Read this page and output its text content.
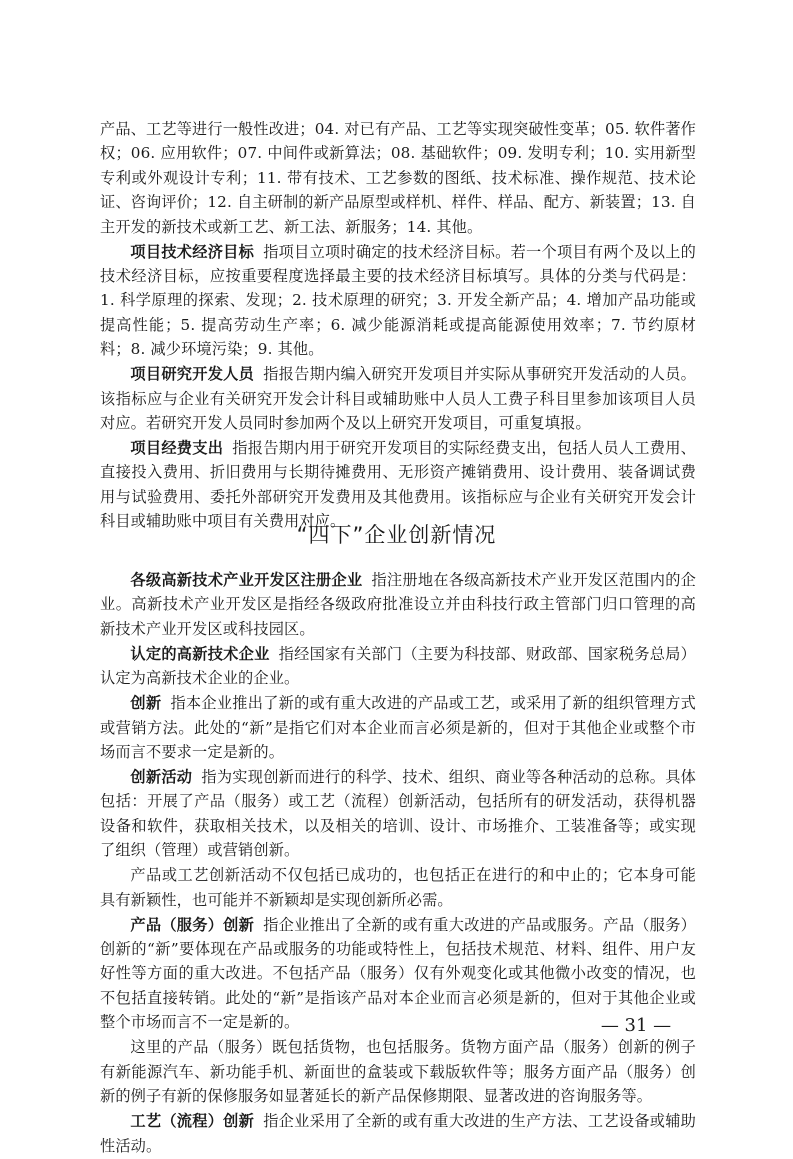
产品、工艺等进行一般性改进；04. 对已有产品、工艺等实现突破性变革；05. 软件著作权；06. 应用软件；07. 中间件或新算法；08. 基础软件；09. 发明专利；10. 实用新型专利或外观设计专利；11. 带有技术、工艺参数的图纸、技术标准、操作规范、技术论证、咨询评价；12. 自主研制的新产品原型或样机、样件、样品、配方、新装置；13. 自主开发的新技术或新工艺、新工法、新服务；14. 其他。

项目技术经济目标 指项目立项时确定的技术经济目标。若一个项目有两个及以上的技术经济目标，应按重要程度选择最主要的技术经济目标填写。具体的分类与代码是：1. 科学原理的探索、发现；2. 技术原理的研究；3. 开发全新产品；4. 增加产品功能或提高性能；5. 提高劳动生产率；6. 减少能源消耗或提高能源使用效率；7. 节约原材料；8. 减少环境污染；9. 其他。

项目研究开发人员 指报告期内编入研究开发项目并实际从事研究开发活动的人员。该指标应与企业有关研究开发会计科目或辅助账中人员人工费子科目里参加该项目人员对应。若研究开发人员同时参加两个及以上研究开发项目，可重复填报。

项目经费支出 指报告期内用于研究开发项目的实际经费支出，包括人员人工费用、直接投入费用、折旧费用与长期待摊费用、无形资产摊销费用、设计费用、装备调试费用与试验费用、委托外部研究开发费用及其他费用。该指标应与企业有关研究开发会计科目或辅助账中项目有关费用对应。

“四下”企业创新情况

各级高新技术产业开发区注册企业 指注册地在各级高新技术产业开发区范围内的企业。高新技术产业开发区是指经各级政府批准设立并由科技行政主管部门归口管理的高新技术产业开发区或科技园区。

认定的高新技术企业 指经国家有关部门（主要为科技部、财政部、国家税务总局）认定为高新技术企业的企业。

创新 指本企业推出了新的或有重大改进的产品或工艺，或采用了新的组织管理方式或营销方法。此处的“新”是指它们对本企业而言必须是新的，但对于其他企业或整个市场而言不要求一定是新的。

创新活动 指为实现创新而进行的科学、技术、组织、商业等各种活动的总称。具体包括：开展了产品（服务）或工艺（流程）创新活动，包括所有的研发活动，获得机器设备和软件，获取相关技术，以及相关的培训、设计、市场推介、工装准备等；或实现了组织（管理）或营销创新。

产品或工艺创新活动不仅包括已成功的，也包括正在进行的和中止的；它本身可能具有新颖性，也可能并不新颖却是实现创新所必需。

产品（服务）创新 指企业推出了全新的或有重大改进的产品或服务。产品（服务）创新的“新”要体现在产品或服务的功能或特性上，包括技术规范、材料、组件、用户友好性等方面的重大改进。不包括产品（服务）仅有外观变化或其他微小改变的情况，也不包括直接转销。此处的“新”是指该产品对本企业而言必须是新的，但对于其他企业或整个市场而言不一定是新的。

这里的产品（服务）既包括货物，也包括服务。货物方面产品（服务）创新的例子有新能源汽车、新功能手机、新面世的盒装或下载版软件等；服务方面产品（服务）创新的例子有新的保修服务如显著延长的新产品保修期限、显著改进的咨询服务等。

工艺（流程）创新 指企业采用了全新的或有重大改进的生产方法、工艺设备或辅助性活动。

— 31 —
